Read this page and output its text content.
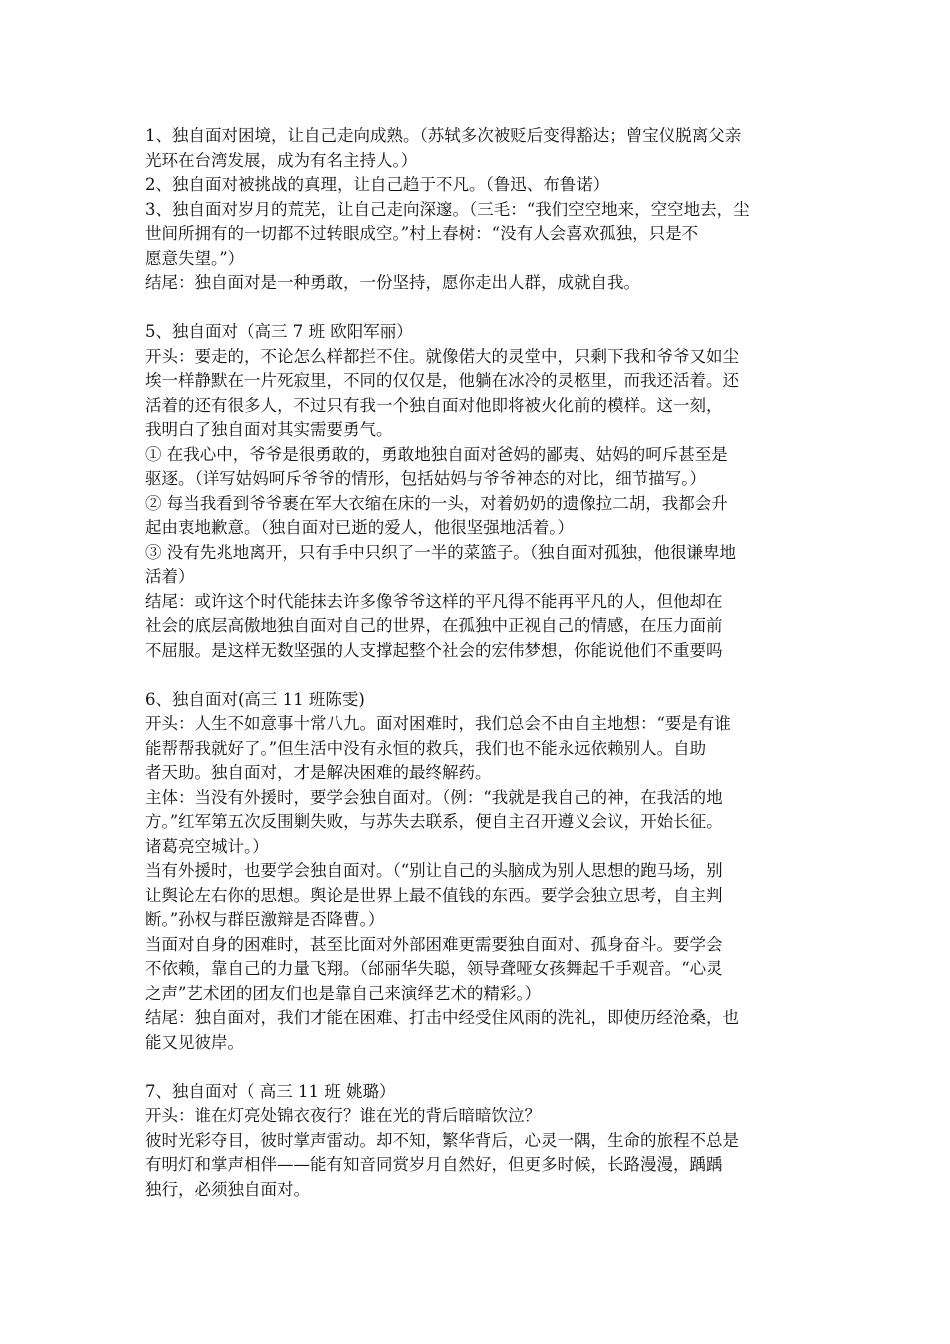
1、独自面对困境，让自己走向成熟。（苏轼多次被贬后变得豁达；曾宝仪脱离父亲
光环在台湾发展，成为有名主持人。）
2、独自面对被挑战的真理，让自己趋于不凡。（鲁迅、布鲁诺）
3、独自面对岁月的荒芜，让自己走向深邃。（三毛：“我们空空地来，空空地去，尘
世间所拥有的一切都不过转眼成空。”村上春树：“没有人会喜欢孤独，只是不
愿意失望。”）
结尾：独自面对是一种勇敢，一份坚持，愿你走出人群，成就自我。
5、独自面对（高三 7 班 欧阳军丽）
开头：要走的，不论怎么样都拦不住。就像偌大的灵堂中，只剩下我和爷爷又如尘
埃一样静默在一片死寂里，不同的仅仅是，他躺在冰冷的灵柩里，而我还活着。还
活着的还有很多人，不过只有我一个独自面对他即将被火化前的模样。这一刻，
我明白了独自面对其实需要勇气。
① 在我心中，爷爷是很勇敢的，勇敢地独自面对爸妈的鄙夷、姑妈的呵斥甚至是
驱逐。（详写姑妈呵斥爷爷的情形，包括姑妈与爷爷神态的对比，细节描写。）
② 每当我看到爷爷裹在军大衣缩在床的一头，对着奶奶的遗像拉二胡，我都会升
起由衷地歉意。（独自面对已逝的爱人，他很坚强地活着。）
③ 没有先兆地离开，只有手中只织了一半的菜篮子。（独自面对孤独，他很谦卑地
活着）
结尾：或许这个时代能抹去许多像爷爷这样的平凡得不能再平凡的人，但他却在
社会的底层高傲地独自面对自己的世界，在孤独中正视自己的情感，在压力面前
不屈服。是这样无数坚强的人支撑起整个社会的宏伟梦想，你能说他们不重要吗
6、独自面对(高三 11 班陈雯)
开头：人生不如意事十常八九。面对困难时，我们总会不由自主地想：“要是有谁
能帮帮我就好了。”但生活中没有永恒的救兵，我们也不能永远依赖别人。自助
者天助。独自面对，才是解决困难的最终解药。
主体：当没有外援时，要学会独自面对。（例：“我就是我自己的神，在我活的地
方。”红军第五次反围剿失败，与苏失去联系，便自主召开遵义会议，开始长征。
诸葛亮空城计。）
当有外援时，也要学会独自面对。（“别让自己的头脑成为别人思想的跑马场，别
让舆论左右你的思想。舆论是世界上最不值钱的东西。要学会独立思考，自主判
断。”孙权与群臣激辩是否降曹。）
当面对自身的困难时，甚至比面对外部困难更需要独自面对、孤身奋斗。要学会
不依赖，靠自己的力量飞翔。（邰丽华失聪，领导聋哑女孩舞起千手观音。“心灵
之声”艺术团的团友们也是靠自己来演绎艺术的精彩。）
结尾：独自面对，我们才能在困难、打击中经受住风雨的洗礼，即使历经沧桑，也
能又见彼岸。
7、独自面对（ 高三 11 班 姚璐）
开头：谁在灯亮处锦衣夜行？谁在光的背后暗暗饮泣？
彼时光彩夺目，彼时掌声雷动。却不知，繁华背后，心灵一隅，生命的旅程不总是
有明灯和掌声相伴——能有知音同赏岁月自然好，但更多时候，长路漫漫，踽踽
独行，必须独自面对。
